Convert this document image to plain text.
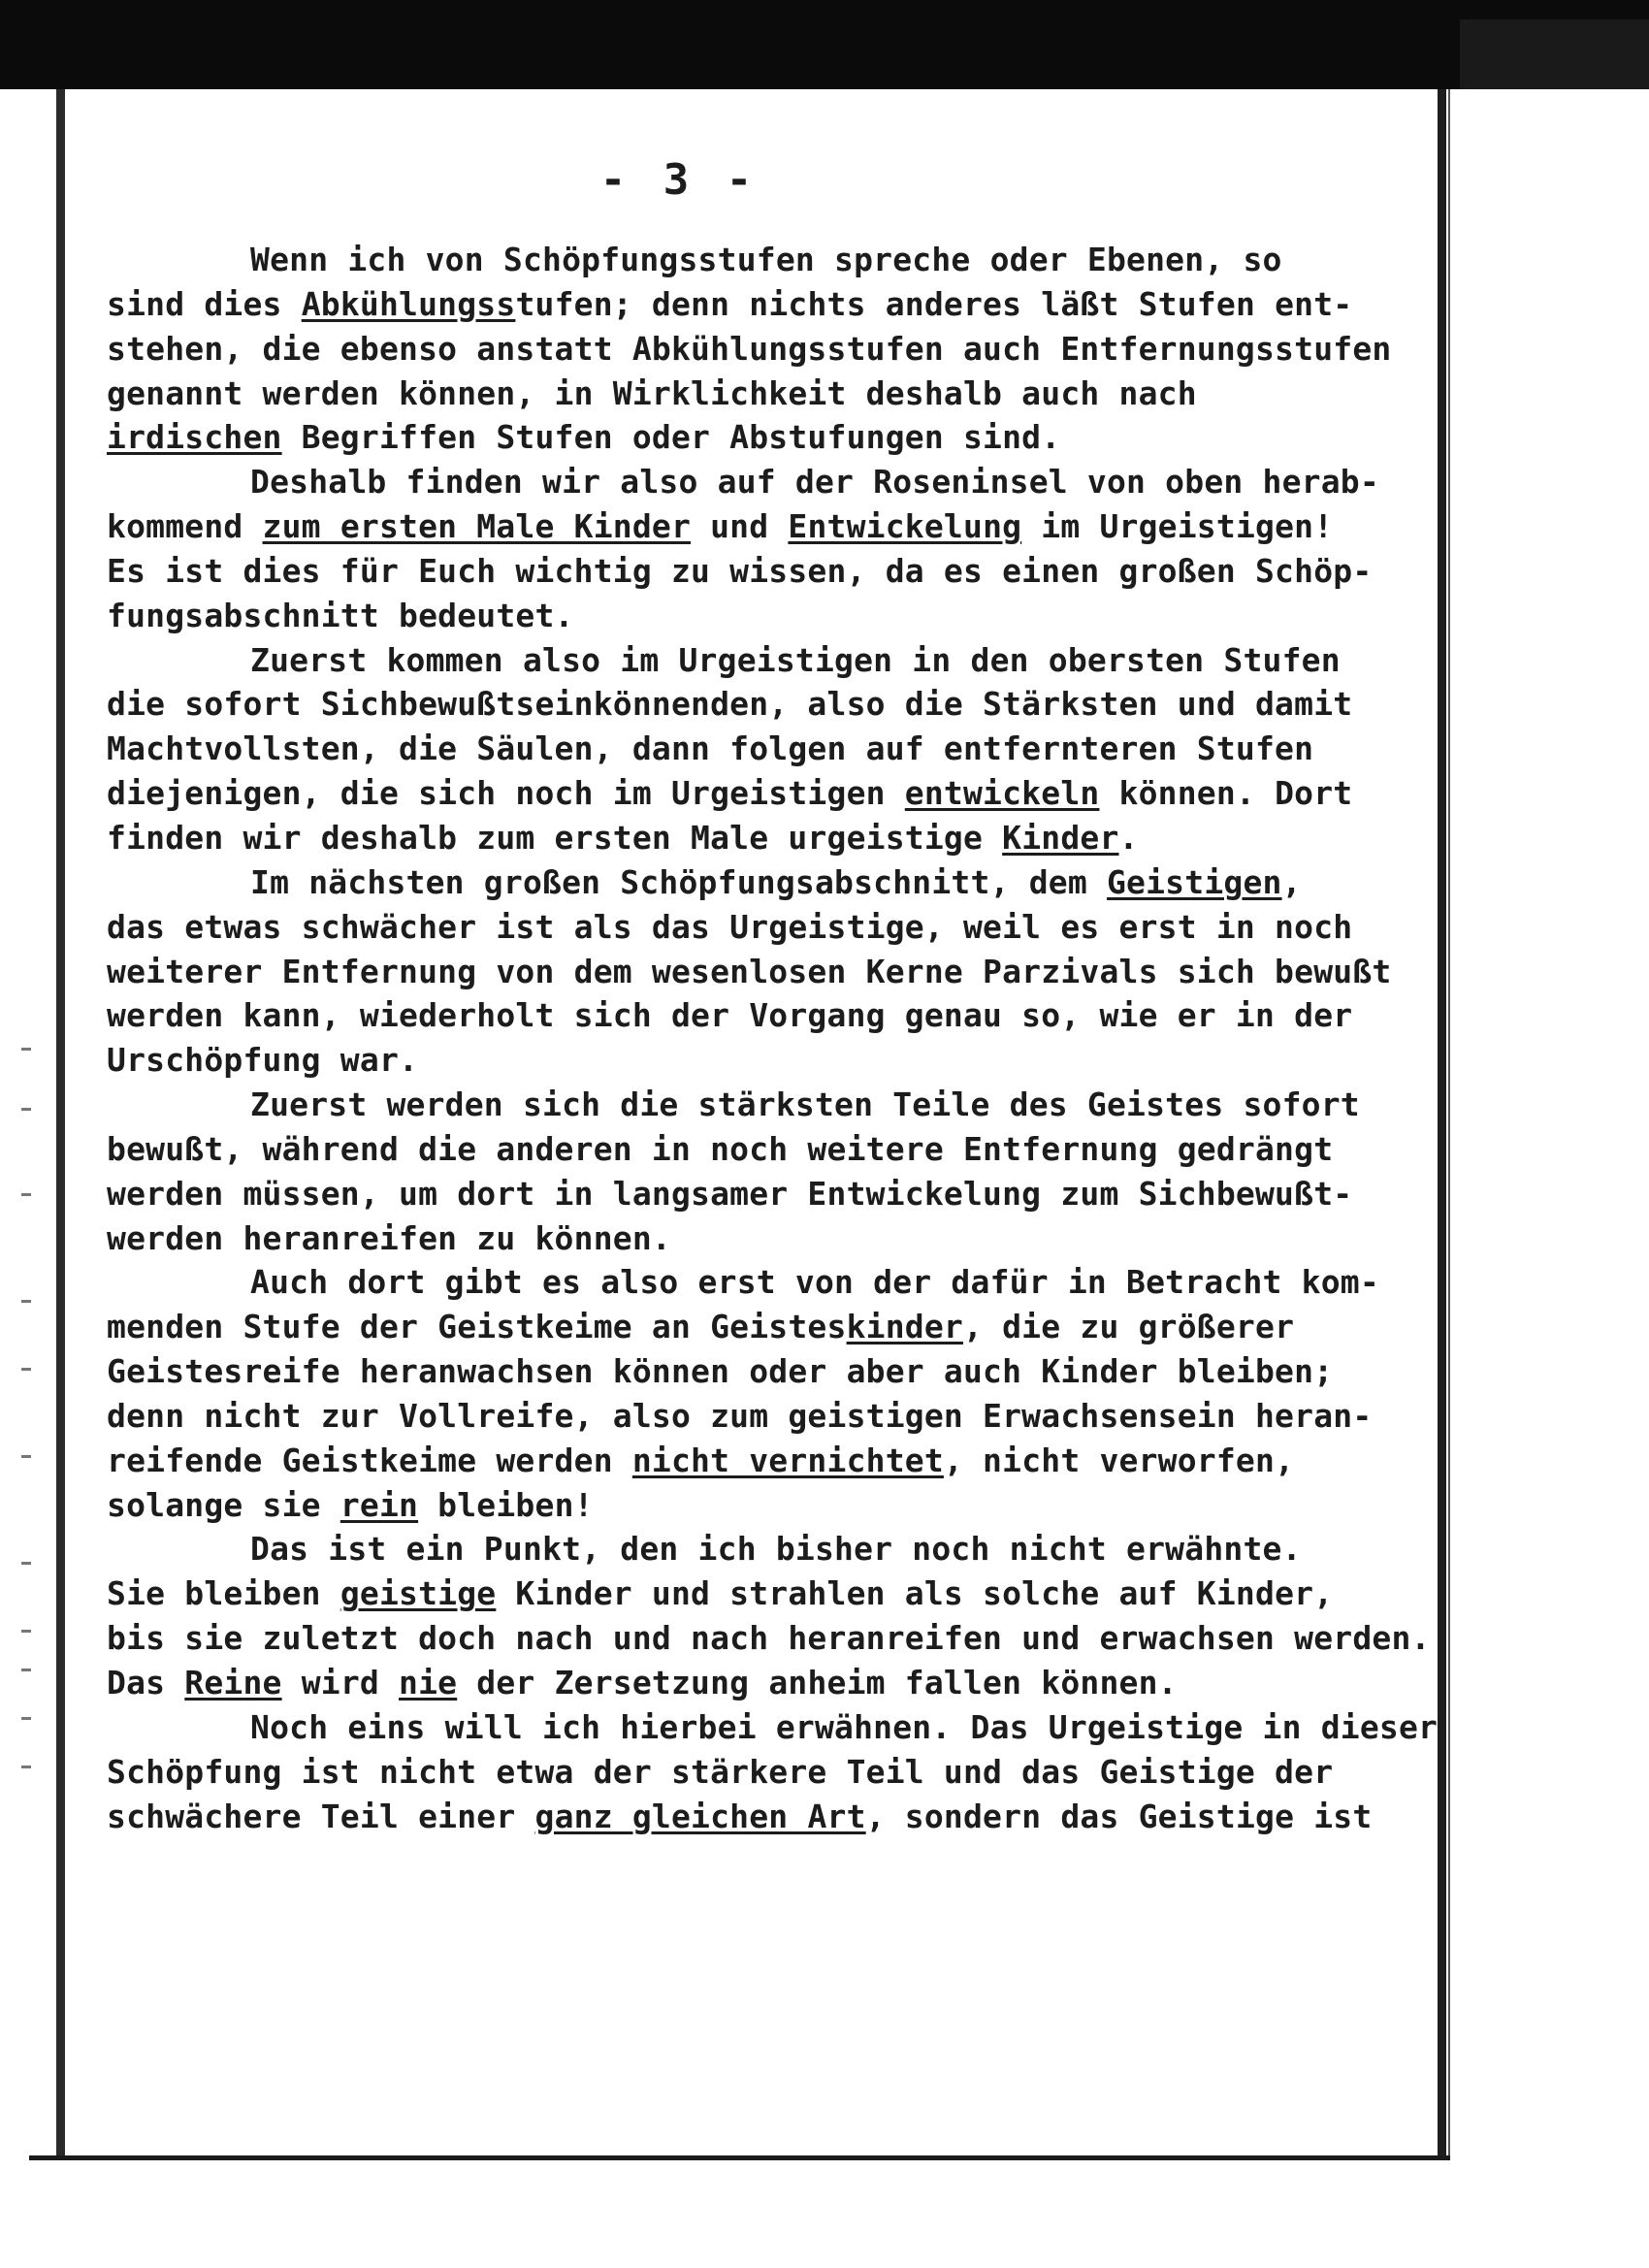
- 3 -
Wenn ich von Schöpfungsstufen spreche oder Ebenen, so
sind dies Abkühlungsstufen; denn nichts anderes läßt Stufen ent-
stehen, die ebenso anstatt Abkühlungsstufen auch Entfernungsstufen
genannt werden können, in Wirklichkeit deshalb auch nach
irdischen Begriffen Stufen oder Abstufungen sind.
Deshalb finden wir also auf der Roseninsel von oben herab-
kommend zum ersten Male Kinder und Entwickelung im Urgeistigen!
Es ist dies für Euch wichtig zu wissen, da es einen großen Schöp-
fungsabschnitt bedeutet.
Zuerst kommen also im Urgeistigen in den obersten Stufen
die sofort Sichbewußtseinkönnenden, also die Stärksten und damit
Machtvollsten, die Säulen, dann folgen auf entfernteren Stufen
diejenigen, die sich noch im Urgeistigen entwickeln können. Dort
finden wir deshalb zum ersten Male urgeistige Kinder.
Im nächsten großen Schöpfungsabschnitt, dem Geistigen,
das etwas schwächer ist als das Urgeistige, weil es erst in noch
weiterer Entfernung von dem wesenlosen Kerne Parzivals sich bewußt
werden kann, wiederholt sich der Vorgang genau so, wie er in der
Urschöpfung war.
Zuerst werden sich die stärksten Teile des Geistes sofort
bewußt, während die anderen in noch weitere Entfernung gedrängt
werden müssen, um dort in langsamer Entwickelung zum Sichbewußt-
werden heranreifen zu können.
Auch dort gibt es also erst von der dafür in Betracht kom-
menden Stufe der Geistkeime an Geisteskinder, die zu größerer
Geistesreife heranwachsen können oder aber auch Kinder bleiben;
denn nicht zur Vollreife, also zum geistigen Erwachsensein heran-
reifende Geistkeime werden nicht vernichtet, nicht verworfen,
solange sie rein bleiben!
Das ist ein Punkt, den ich bisher noch nicht erwähnte.
Sie bleiben geistige Kinder und strahlen als solche auf Kinder,
bis sie zuletzt doch nach und nach heranreifen und erwachsen werden.
Das Reine wird nie der Zersetzung anheim fallen können.
Noch eins will ich hierbei erwähnen. Das Urgeistige in dieser
Schöpfung ist nicht etwa der stärkere Teil und das Geistige der
schwächere Teil einer ganz gleichen Art, sondern das Geistige ist
